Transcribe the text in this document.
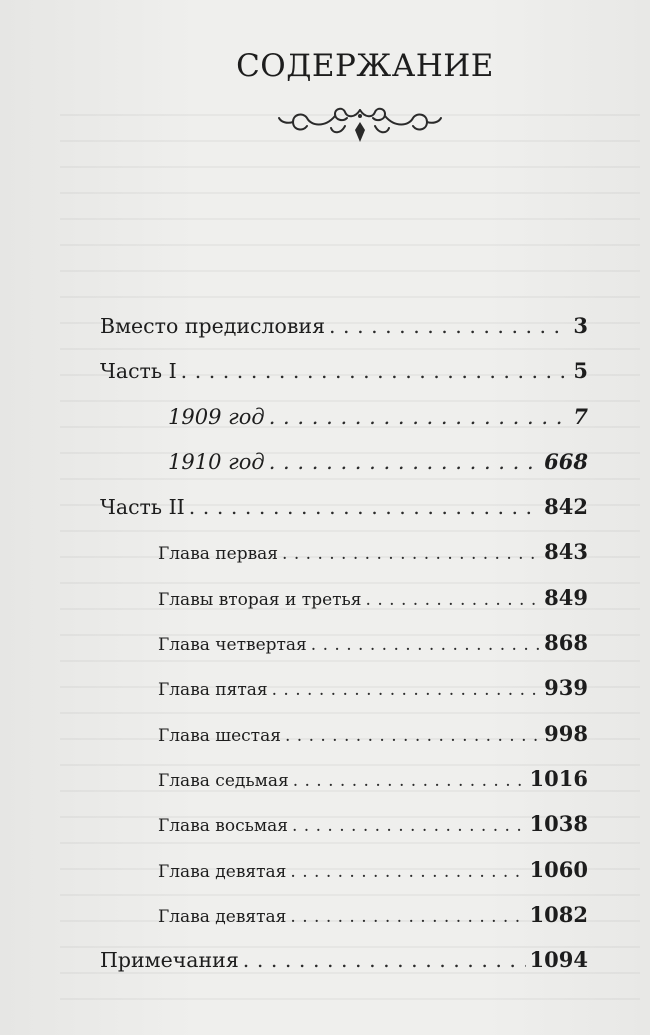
СОДЕРЖАНИЕ
Вместо предисловия . . .	3
Часть I . . .	5
1909 год . . .	7
1910 год . . .	668
Часть II . . .	842
Глава первая . . .	843
Главы вторая и третья . . .	849
Глава четвертая . . .	868
Глава пятая . . .	939
Глава шестая . . .	998
Глава седьмая . . .	1016
Глава восьмая . . .	1038
Глава девятая . . .	1060
Глава девятая . . .	1082
Примечания . . .	1094
